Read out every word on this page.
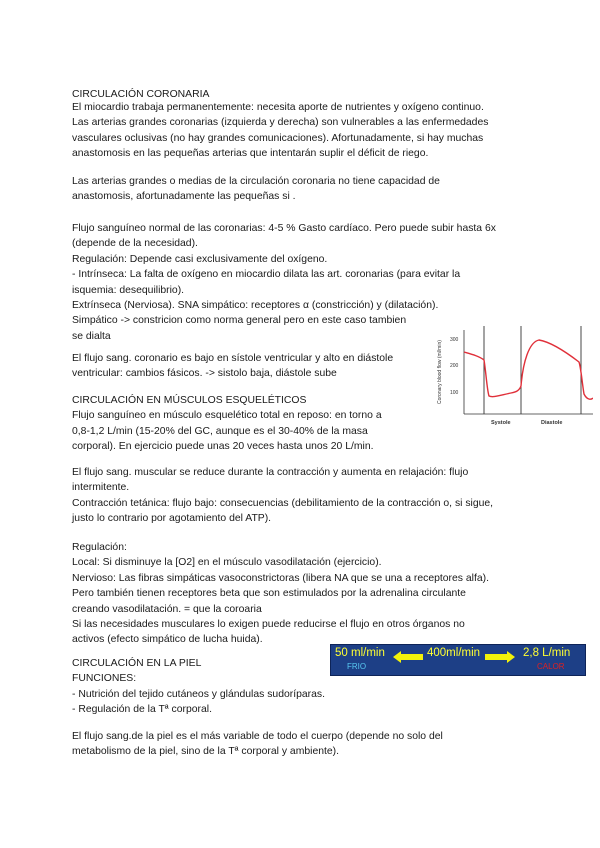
CIRCULACIÓN CORONARIA
El miocardio trabaja permanentemente: necesita aporte de nutrientes y oxígeno continuo.
Las arterias grandes coronarias (izquierda y derecha) son vulnerables a las enfermedades
vasculares oclusivas (no hay grandes comunicaciones). Afortunadamente, si hay muchas
anastomosis en las pequeñas arterias que intentarán suplir el déficit de riego.
Las arterias grandes o medias de la circulación coronaria no tiene capacidad de
anastomosis, afortunadamente las pequeñas si .
Flujo sanguíneo normal de las coronarias: 4-5 % Gasto cardíaco. Pero puede subir hasta 6x
(depende de la necesidad).
Regulación: Depende casi exclusivamente del oxígeno.
- Intrínseca: La falta de oxígeno en miocardio dilata las art. coronarias (para evitar la
isquemia: desequilibrio).
Extrínseca (Nerviosa). SNA simpático: receptores α (constricción) y (dilatación).
Simpático -> constricion como norma general pero en este caso tambien
se dialta
El flujo sang. coronario es bajo en sístole ventricular y alto en diástole
ventricular: cambios fásicos. -> sistolo baja, diástole sube
CIRCULACIÓN EN MÚSCULOS ESQUELÉTICOS
Flujo sanguíneo en músculo esquelético total en reposo: en torno a
0,8-1,2 L/min (15-20% del GC, aunque es el 30-40% de la masa
corporal). En ejercicio puede unas 20 veces hasta unos 20 L/min.
El flujo sang. muscular se reduce durante la contracción y aumenta en relajación: flujo
intermitente.
Contracción tetánica: flujo bajo: consecuencias (debilitamiento de la contracción o, si sigue,
justo lo contrario por agotamiento del ATP).
Regulación:
Local: Si disminuye la [O2] en el músculo vasodilatación (ejercicio).
Nervioso: Las fibras simpáticas vasoconstrictoras (libera NA que se una a receptores alfa).
Pero también tienen receptores beta que son estimulados por la adrenalina circulante
creando vasodilatación. = que la coroaria
Si las necesidades musculares lo exigen puede reducirse el flujo en otros órganos no
activos (efecto simpático de lucha huida).
CIRCULACIÓN EN LA PIEL
FUNCIONES:
- Nutrición del tejido cutáneos y glándulas sudoríparas.
- Regulación de la Tª corporal.
El flujo sang.de la piel es el más variable de todo el cuerpo (depende no solo del
metabolismo de la piel, sino de la Tª corporal y ambiente).
Coronary blood flow (ml/min)
300
200
100
Systole	Diastole
50 ml/min
FRIO
400ml/min	2,8 L/min
CALOR
